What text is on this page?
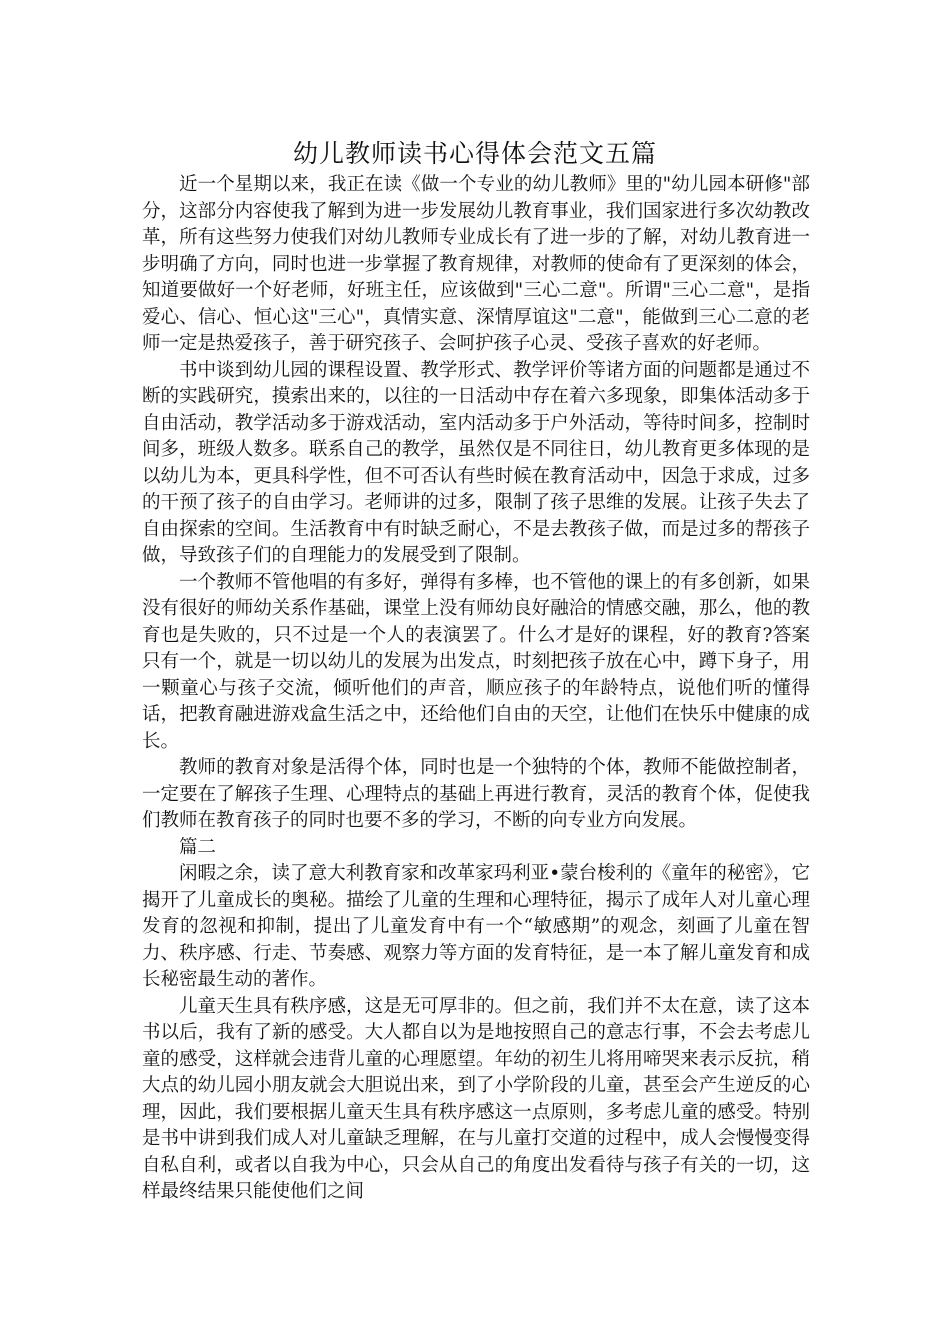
幼儿教师读书心得体会范文五篇

近一个星期以来，我正在读《做一个专业的幼儿教师》里的"幼儿园本研修"部分，这部分内容使我了解到为进一步发展幼儿教育事业，我们国家进行多次幼教改革，所有这些努力使我们对幼儿教师专业成长有了进一步的了解，对幼儿教育进一步明确了方向，同时也进一步掌握了教育规律，对教师的使命有了更深刻的体会，知道要做好一个好老师，好班主任，应该做到"三心二意"。所谓"三心二意"，是指爱心、信心、恒心这"三心"，真情实意、深情厚谊这"二意"，能做到三心二意的老师一定是热爱孩子，善于研究孩子、会呵护孩子心灵、受孩子喜欢的好老师。

书中谈到幼儿园的课程设置、教学形式、教学评价等诸方面的问题都是通过不断的实践研究，摸索出来的，以往的一日活动中存在着六多现象，即集体活动多于自由活动，教学活动多于游戏活动，室内活动多于户外活动，等待时间多，控制时间多，班级人数多。联系自己的教学，虽然仅是不同往日，幼儿教育更多体现的是以幼儿为本，更具科学性，但不可否认有些时候在教育活动中，因急于求成，过多的干预了孩子的自由学习。老师讲的过多，限制了孩子思维的发展。让孩子失去了自由探索的空间。生活教育中有时缺乏耐心，不是去教孩子做，而是过多的帮孩子做，导致孩子们的自理能力的发展受到了限制。

一个教师不管他唱的有多好，弹得有多棒，也不管他的课上的有多创新，如果没有很好的师幼关系作基础，课堂上没有师幼良好融洽的情感交融，那么，他的教育也是失败的，只不过是一个人的表演罢了。什么才是好的课程，好的教育?答案只有一个，就是一切以幼儿的发展为出发点，时刻把孩子放在心中，蹲下身子，用一颗童心与孩子交流，倾听他们的声音，顺应孩子的年龄特点，说他们听的懂得话，把教育融进游戏盒生活之中，还给他们自由的天空，让他们在快乐中健康的成长。

教师的教育对象是活得个体，同时也是一个独特的个体，教师不能做控制者，一定要在了解孩子生理、心理特点的基础上再进行教育，灵活的教育个体，促使我们教师在教育孩子的同时也要不多的学习，不断的向专业方向发展。

篇二

闲暇之余，读了意大利教育家和改革家玛利亚•蒙台梭利的《童年的秘密》，它揭开了儿童成长的奥秘。描绘了儿童的生理和心理特征，揭示了成年人对儿童心理发育的忽视和抑制，提出了儿童发育中有一个“敏感期”的观念，刻画了儿童在智力、秩序感、行走、节奏感、观察力等方面的发育特征，是一本了解儿童发育和成长秘密最生动的著作。

儿童天生具有秩序感，这是无可厚非的。但之前，我们并不太在意，读了这本书以后，我有了新的感受。大人都自以为是地按照自己的意志行事，不会去考虑儿童的感受，这样就会违背儿童的心理愿望。年幼的初生儿将用啼哭来表示反抗，稍大点的幼儿园小朋友就会大胆说出来，到了小学阶段的儿童，甚至会产生逆反的心理，因此，我们要根据儿童天生具有秩序感这一点原则，多考虑儿童的感受。特别是书中讲到我们成人对儿童缺乏理解，在与儿童打交道的过程中，成人会慢慢变得自私自利，或者以自我为中心，只会从自己的角度出发看待与孩子有关的一切，这样最终结果只能使他们之间
